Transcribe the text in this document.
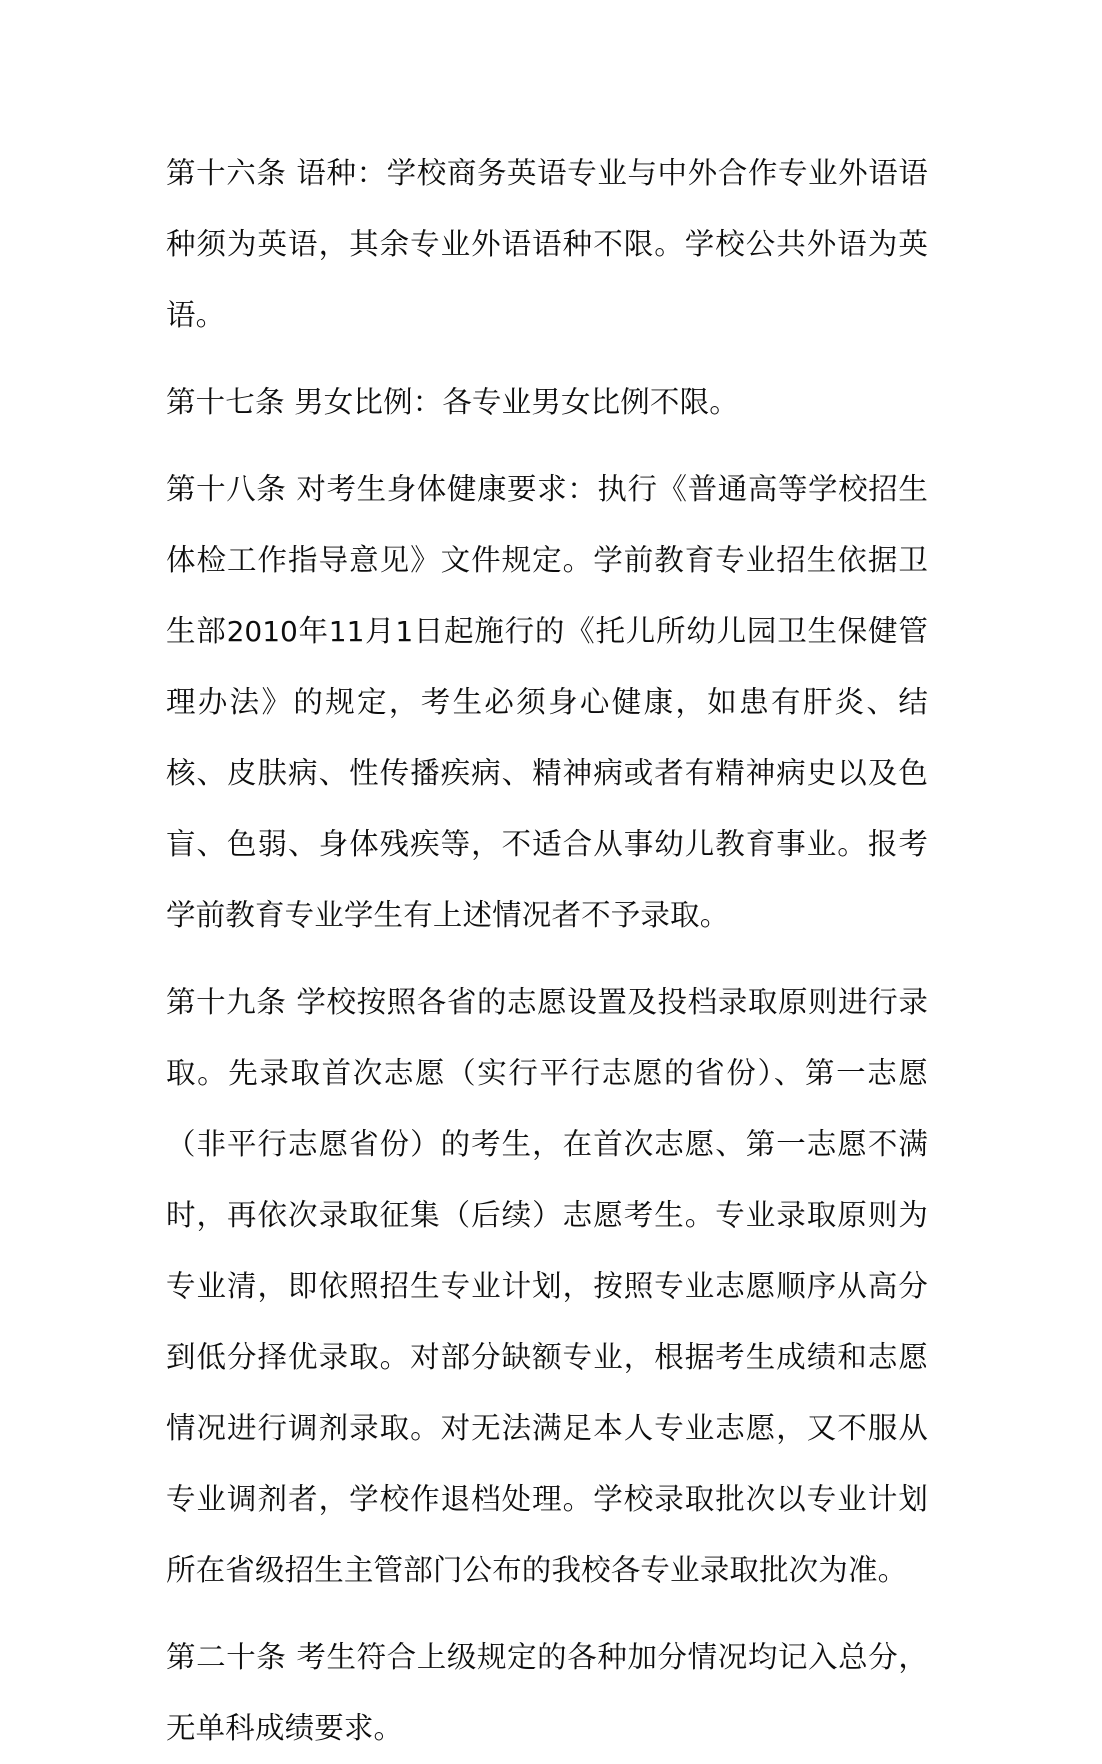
第十六条 语种：学校商务英语专业与中外合作专业外语语种须为英语，其余专业外语语种不限。学校公共外语为英语。

第十七条 男女比例：各专业男女比例不限。

第十八条 对考生身体健康要求：执行《普通高等学校招生体检工作指导意见》文件规定。学前教育专业招生依据卫生部2010年11月1日起施行的《托儿所幼儿园卫生保健管理办法》的规定，考生必须身心健康，如患有肝炎、结核、皮肤病、性传播疾病、精神病或者有精神病史以及色盲、色弱、身体残疾等，不适合从事幼儿教育事业。报考学前教育专业学生有上述情况者不予录取。

第十九条 学校按照各省的志愿设置及投档录取原则进行录取。先录取首次志愿（实行平行志愿的省份）、第一志愿（非平行志愿省份）的考生，在首次志愿、第一志愿不满时，再依次录取征集（后续）志愿考生。专业录取原则为专业清，即依照招生专业计划，按照专业志愿顺序从高分到低分择优录取。对部分缺额专业，根据考生成绩和志愿情况进行调剂录取。对无法满足本人专业志愿，又不服从专业调剂者，学校作退档处理。学校录取批次以专业计划所在省级招生主管部门公布的我校各专业录取批次为准。

第二十条 考生符合上级规定的各种加分情况均记入总分，无单科成绩要求。
